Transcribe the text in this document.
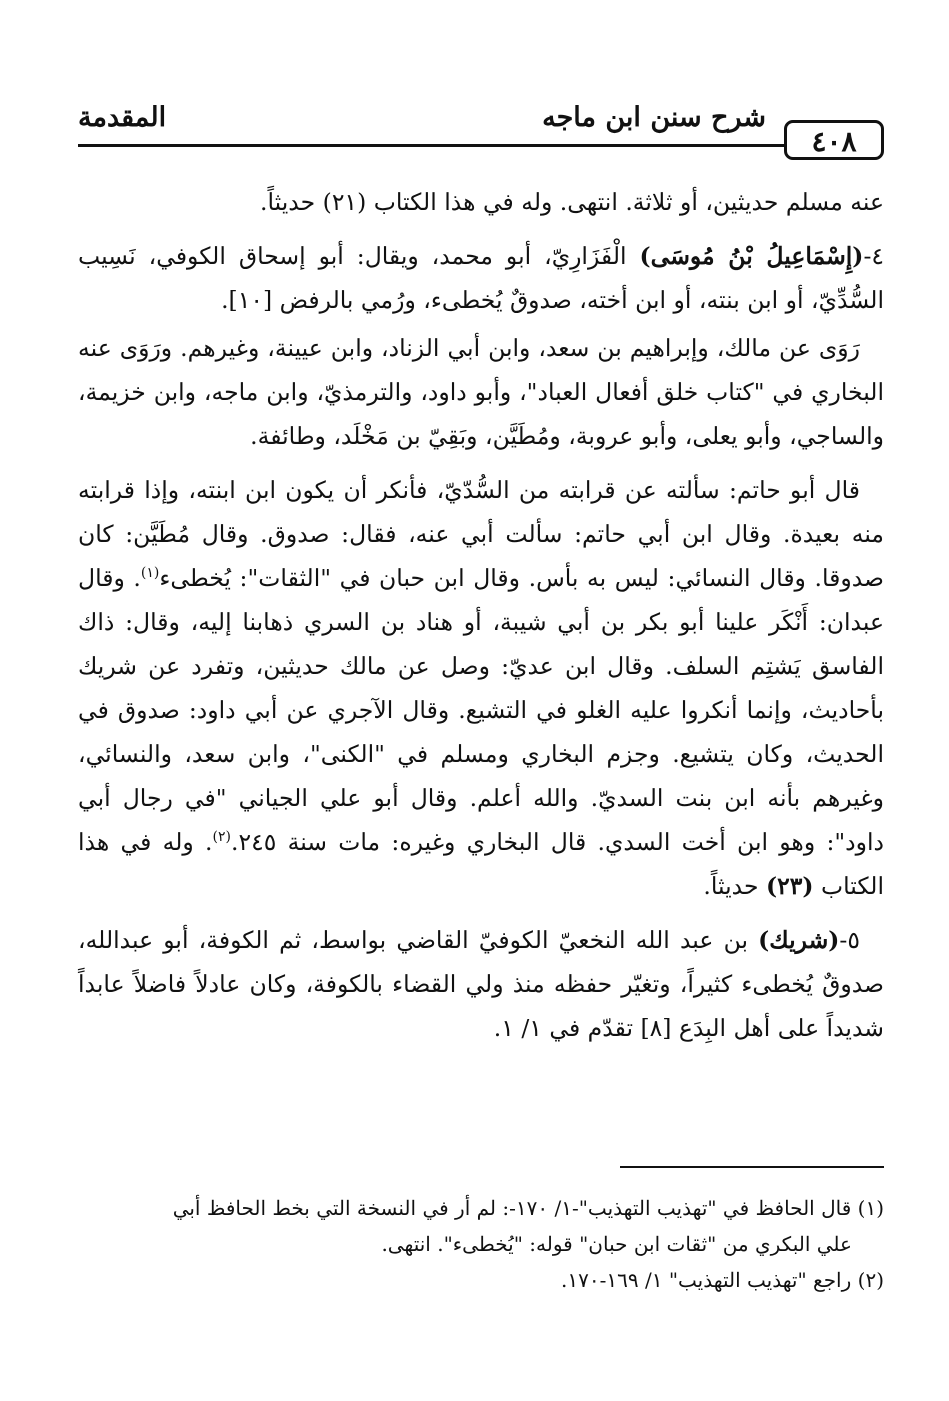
٤٠٨
شرح سنن ابن ماجه
المقدمة

عنه مسلم حديثين، أو ثلاثة. انتهى. وله في هذا الكتاب (٢١) حديثاً.

٤-(إِسْمَاعِيلُ بْنُ مُوسَى) الْفَزَارِيّ، أبو محمد، ويقال: أبو إسحاق الكوفي، نَسِيب السُّدِّيّ، أو ابن بنته، أو ابن أخته، صدوقٌ يُخطىء، ورُمي بالرفض [١٠].

رَوَى عن مالك، وإبراهيم بن سعد، وابن أبي الزناد، وابن عيينة، وغيرهم. ورَوَى عنه البخاري في "كتاب خلق أفعال العباد"، وأبو داود، والترمذيّ، وابن ماجه، وابن خزيمة، والساجي، وأبو يعلى، وأبو عروبة، ومُطَيَّن، وبَقِيّ بن مَخْلَد، وطائفة.

قال أبو حاتم: سألته عن قرابته من السُّدّيّ، فأنكر أن يكون ابن ابنته، وإذا قرابته منه بعيدة. وقال ابن أبي حاتم: سألت أبي عنه، فقال: صدوق. وقال مُطَيَّن: كان صدوقا. وقال النسائي: ليس به بأس. وقال ابن حبان في "الثقات": يُخطىء$^{(١)}$. وقال عبدان: أَنْكَر علينا أبو بكر بن أبي شيبة، أو هناد بن السري ذهابنا إليه، وقال: ذاك الفاسق يَشتِم السلف. وقال ابن عديّ: وصل عن مالك حديثين، وتفرد عن شريك بأحاديث، وإنما أنكروا عليه الغلو في التشيع. وقال الآجري عن أبي داود: صدوق في الحديث، وكان يتشيع. وجزم البخاري ومسلم في "الكنى"، وابن سعد، والنسائي، وغيرهم بأنه ابن بنت السديّ. والله أعلم. وقال أبو علي الجياني "في رجال أبي داود": وهو ابن أخت السدي. قال البخاري وغيره: مات سنة ٢٤٥.$^{(٢)}$. وله في هذا الكتاب (٢٣) حديثاً.

٥-(شريك) بن عبد الله النخعيّ الكوفيّ القاضي بواسط، ثم الكوفة، أبو عبدالله، صدوقٌ يُخطىء كثيراً، وتغيّر حفظه منذ ولي القضاء بالكوفة، وكان عادلاً فاضلاً عابداً شديداً على أهل البِدَع [٨] تقدّم في ١/ ١.

(١) قال الحافظ في "تهذيب التهذيب"-١/ ١٧٠-: لم أر في النسخة التي بخط الحافظ أبي

علي البكري من "ثقات ابن حبان" قوله: "يُخطىء". انتهى.

(٢) راجع "تهذيب التهذيب" ١/ ١٦٩-١٧٠.
